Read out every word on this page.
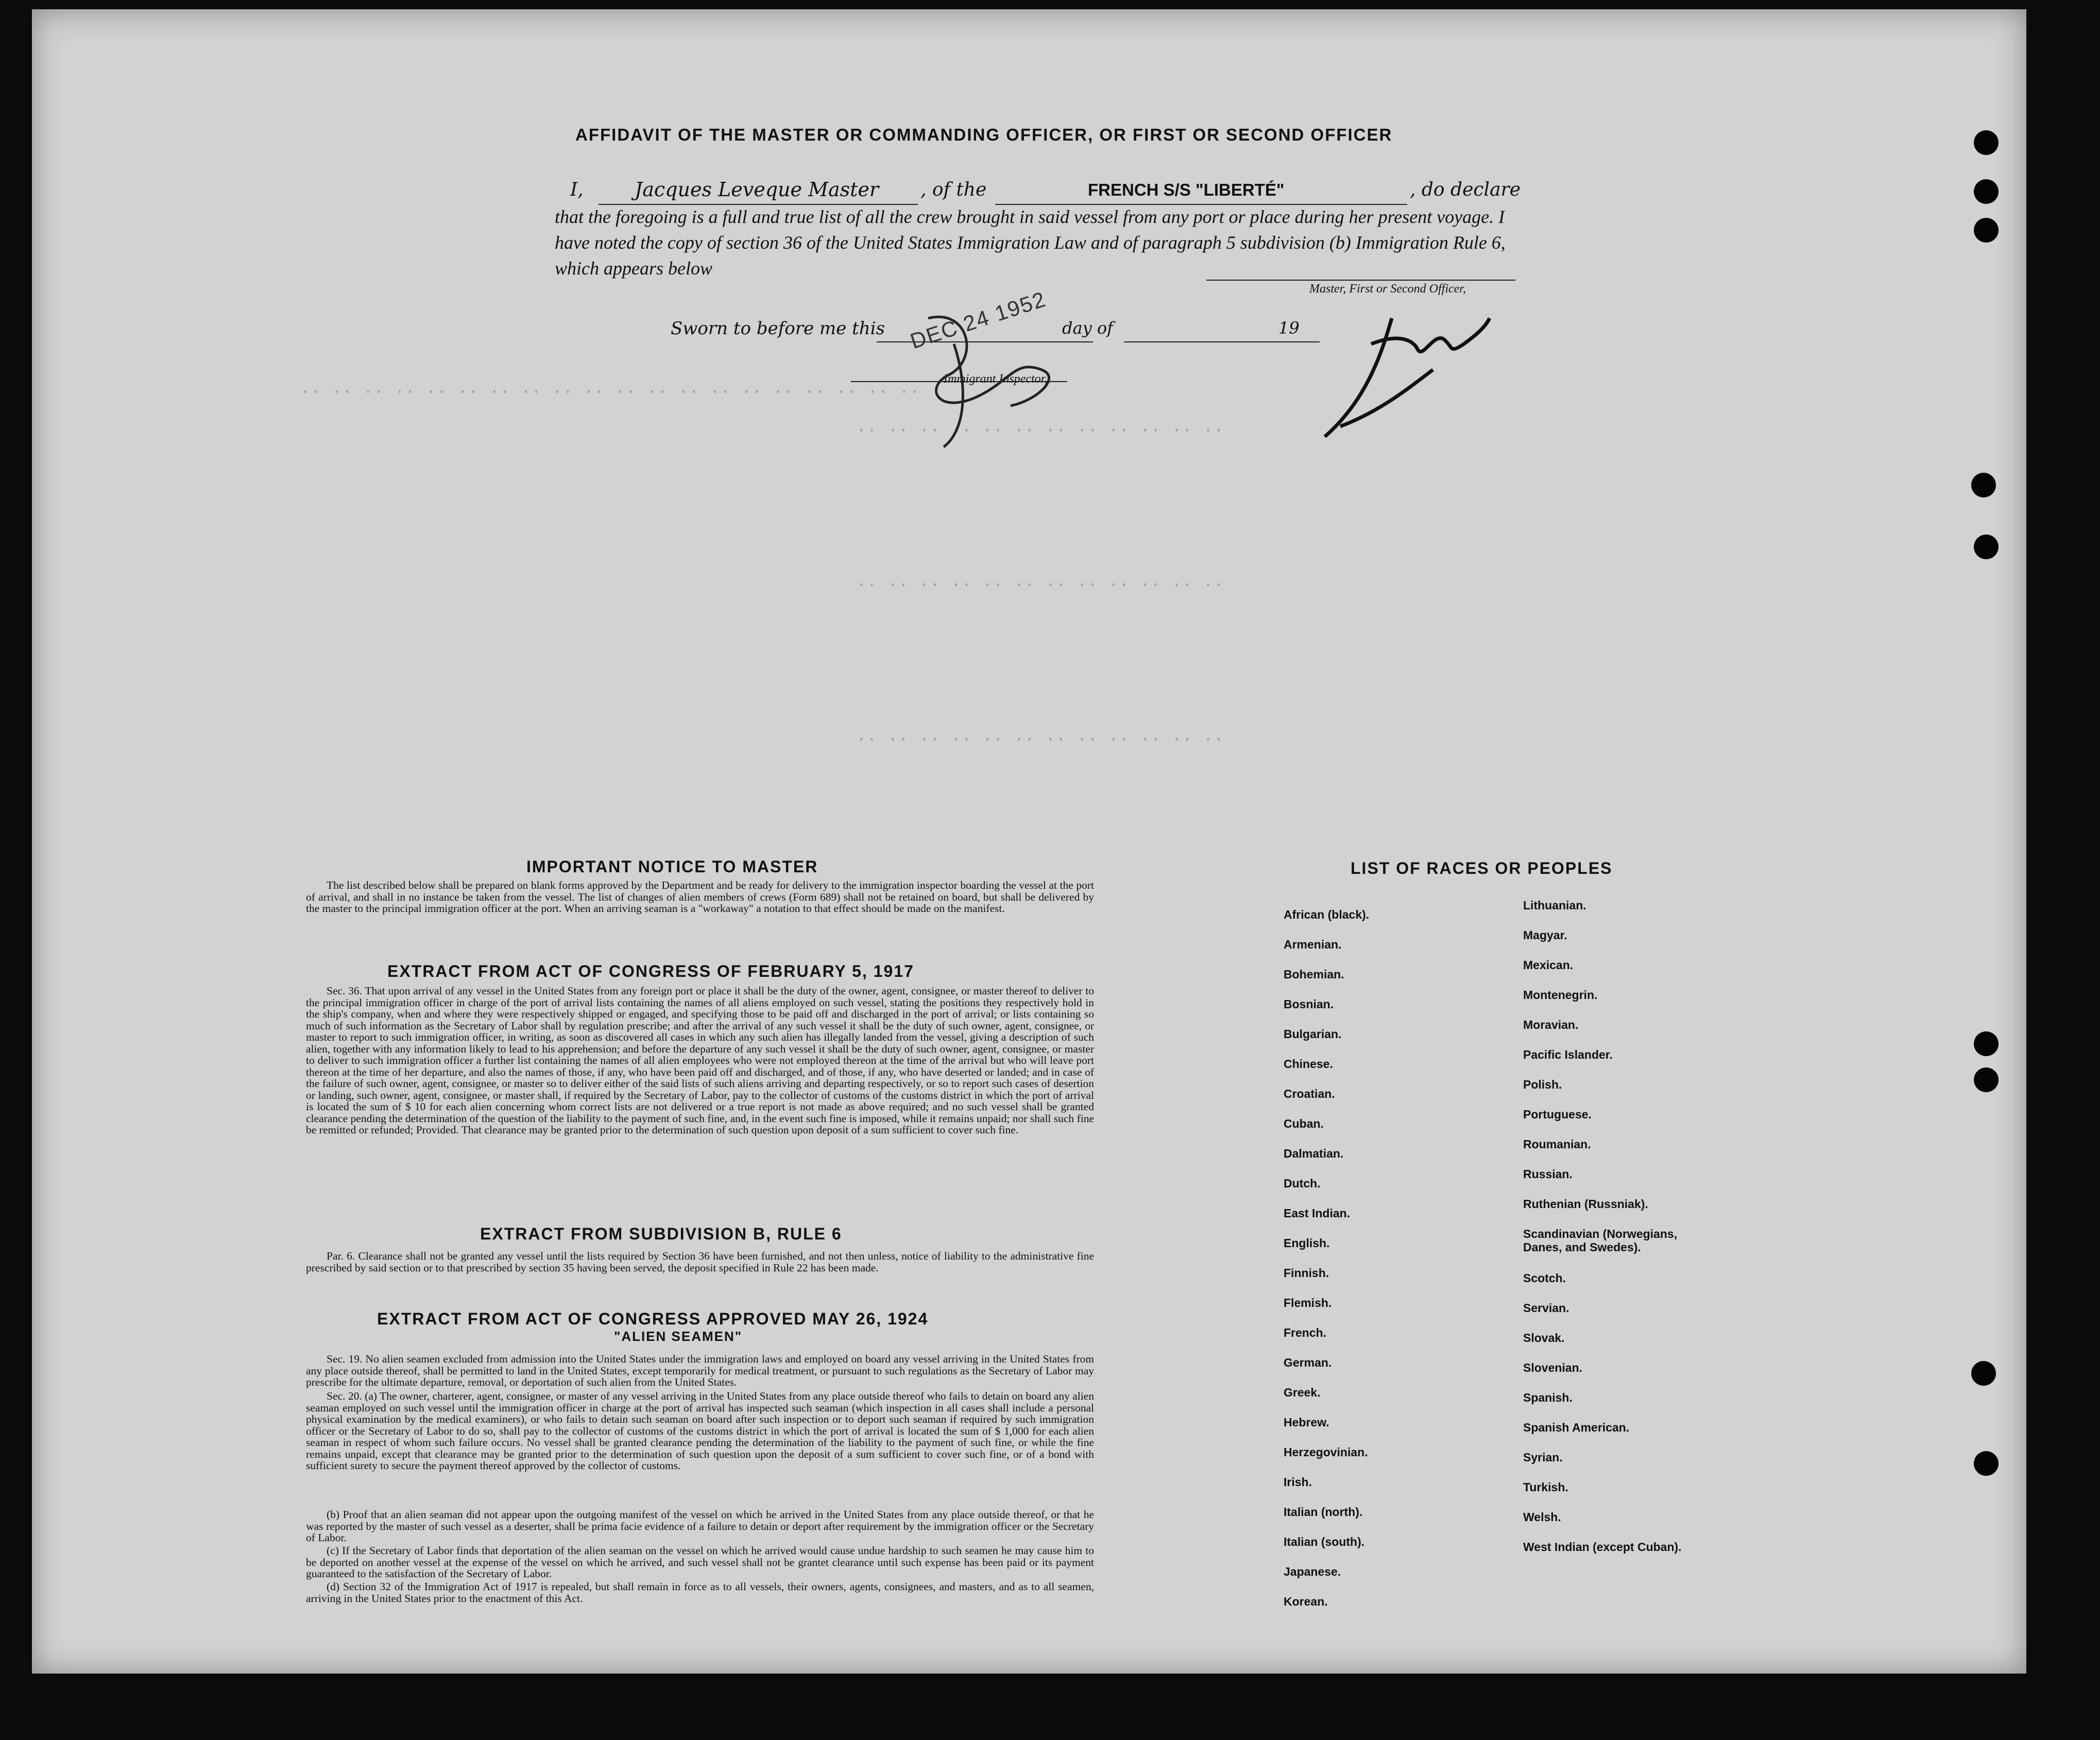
·· ·· ·· ·· ·· ·· ·· ·· ·· ·· ·· ·· ·· ·· ·· ·· ·· ·· ·· ··
·· ·· ·· ·· ·· ·· ·· ·· ·· ·· ·· ··
·· ·· ·· ·· ·· ·· ·· ·· ·· ·· ·· ··
·· ·· ·· ·· ·· ·· ·· ·· ·· ·· ·· ··
AFFIDAVIT OF THE MASTER OR COMMANDING OFFICER, OR FIRST OR SECOND OFFICER
I,	Jacques Leveque Master , of the	FRENCH S/S "LIBERTÉ"	, do declare
that the foregoing is a full and true list of all the crew brought in said vessel from any port or place during her present voyage. I have noted the copy of section 36 of the United States Immigration Law and of paragraph 5 subdivision (b) Immigration Rule 6, which appears below
Master, First or Second Officer,
Sworn to before me this DEC 24 1952 day of	19
Immigrant Inspector,
IMPORTANT NOTICE TO MASTER
The list described below shall be prepared on blank forms approved by the Department and be ready for delivery to the immigration inspector boarding the vessel at the port of arrival, and shall in no instance be taken from the vessel. The list of changes of alien members of crews (Form 689) shall not be retained on board, but shall be delivered by the master to the principal immigration officer at the port. When an arriving seaman is a "workaway" a notation to that effect should be made on the manifest.
EXTRACT FROM ACT OF CONGRESS OF FEBRUARY 5, 1917
Sec. 36. That upon arrival of any vessel in the United States from any foreign port or place it shall be the duty of the owner, agent, consignee, or master thereof to deliver to the principal immigration officer in charge of the port of arrival lists containing the names of all aliens employed on such vessel, stating the positions they respectively hold in the ship's company, when and where they were respectively shipped or engaged, and specifying those to be paid off and discharged in the port of arrival; or lists containing so much of such information as the Secretary of Labor shall by regulation prescribe; and after the arrival of any such vessel it shall be the duty of such owner, agent, consignee, or master to report to such immigration officer, in writing, as soon as discovered all cases in which any such alien has illegally landed from the vessel, giving a description of such alien, together with any information likely to lead to his apprehension; and before the departure of any such vessel it shall be the duty of such owner, agent, consignee, or master to deliver to such immigration officer a further list containing the names of all alien employees who were not employed thereon at the time of the arrival but who will leave port thereon at the time of her departure, and also the names of those, if any, who have been paid off and discharged, and of those, if any, who have deserted or landed; and in case of the failure of such owner, agent, consignee, or master so to deliver either of the said lists of such aliens arriving and departing respectively, or so to report such cases of desertion or landing, such owner, agent, consignee, or master shall, if required by the Secretary of Labor, pay to the collector of customs of the customs district in which the port of arrival is located the sum of $ 10 for each alien concerning whom correct lists are not delivered or a true report is not made as above required; and no such vessel shall be granted clearance pending the determination of the question of the liability to the payment of such fine, and, in the event such fine is imposed, while it remains unpaid; nor shall such fine be remitted or refunded; Provided. That clearance may be granted prior to the determination of such question upon deposit of a sum sufficient to cover such fine.
EXTRACT FROM SUBDIVISION B, RULE 6
Par. 6. Clearance shall not be granted any vessel until the lists required by Section 36 have been furnished, and not then unless, notice of liability to the administrative fine prescribed by said section or to that prescribed by section 35 having been served, the deposit specified in Rule 22 has been made.
EXTRACT FROM ACT OF CONGRESS APPROVED MAY 26, 1924
"ALIEN SEAMEN"
Sec. 19. No alien seamen excluded from admission into the United States under the immigration laws and employed on board any vessel arriving in the United States from any place outside thereof, shall be permitted to land in the United States, except temporarily for medical treatment, or pursuant to such regulations as the Secretary of Labor may prescribe for the ultimate departure, removal, or deportation of such alien from the United States.
Sec. 20. (a) The owner, charterer, agent, consignee, or master of any vessel arriving in the United States from any place outside thereof who fails to detain on board any alien seaman employed on such vessel until the immigration officer in charge at the port of arrival has inspected such seaman (which inspection in all cases shall include a personal physical examination by the medical examiners), or who fails to detain such seaman on board after such inspection or to deport such seaman if required by such immigration officer or the Secretary of Labor to do so, shall pay to the collector of customs of the customs district in which the port of arrival is located the sum of $ 1,000 for each alien seaman in respect of whom such failure occurs. No vessel shall be granted clearance pending the determination of the liability to the payment of such fine, or while the fine remains unpaid, except that clearance may be granted prior to the determination of such question upon the deposit of a sum sufficient to cover such fine, or of a bond with sufficient surety to secure the payment thereof approved by the collector of customs.
(b) Proof that an alien seaman did not appear upon the outgoing manifest of the vessel on which he arrived in the United States from any place outside thereof, or that he was reported by the master of such vessel as a deserter, shall be prima facie evidence of a failure to detain or deport after requirement by the immigration officer or the Secretary of Labor.
(c) If the Secretary of Labor finds that deportation of the alien seaman on the vessel on which he arrived would cause undue hardship to such seamen he may cause him to be deported on another vessel at the expense of the vessel on which he arrived, and such vessel shall not be grantet clearance until such expense has been paid or its payment guaranteed to the satisfaction of the Secretary of Labor.
(d) Section 32 of the Immigration Act of 1917 is repealed, but shall remain in force as to all vessels, their owners, agents, consignees, and masters, and as to all seamen, arriving in the United States prior to the enactment of this Act.
LIST OF RACES OR PEOPLES
African (black).
Armenian.
Bohemian.
Bosnian.
Bulgarian.
Chinese.
Croatian.
Cuban.
Dalmatian.
Dutch.
East Indian.
English.
Finnish.
Flemish.
French.
German.
Greek.
Hebrew.
Herzegovinian.
Irish.
Italian (north).
Italian (south).
Japanese.
Korean.
Lithuanian.
Magyar.
Mexican.
Montenegrin.
Moravian.
Pacific Islander.
Polish.
Portuguese.
Roumanian.
Russian.
Ruthenian (Russniak).
Scandinavian (Norwegians, Danes, and Swedes).
Scotch.
Servian.
Slovak.
Slovenian.
Spanish.
Spanish American.
Syrian.
Turkish.
Welsh.
West Indian (except Cuban).
